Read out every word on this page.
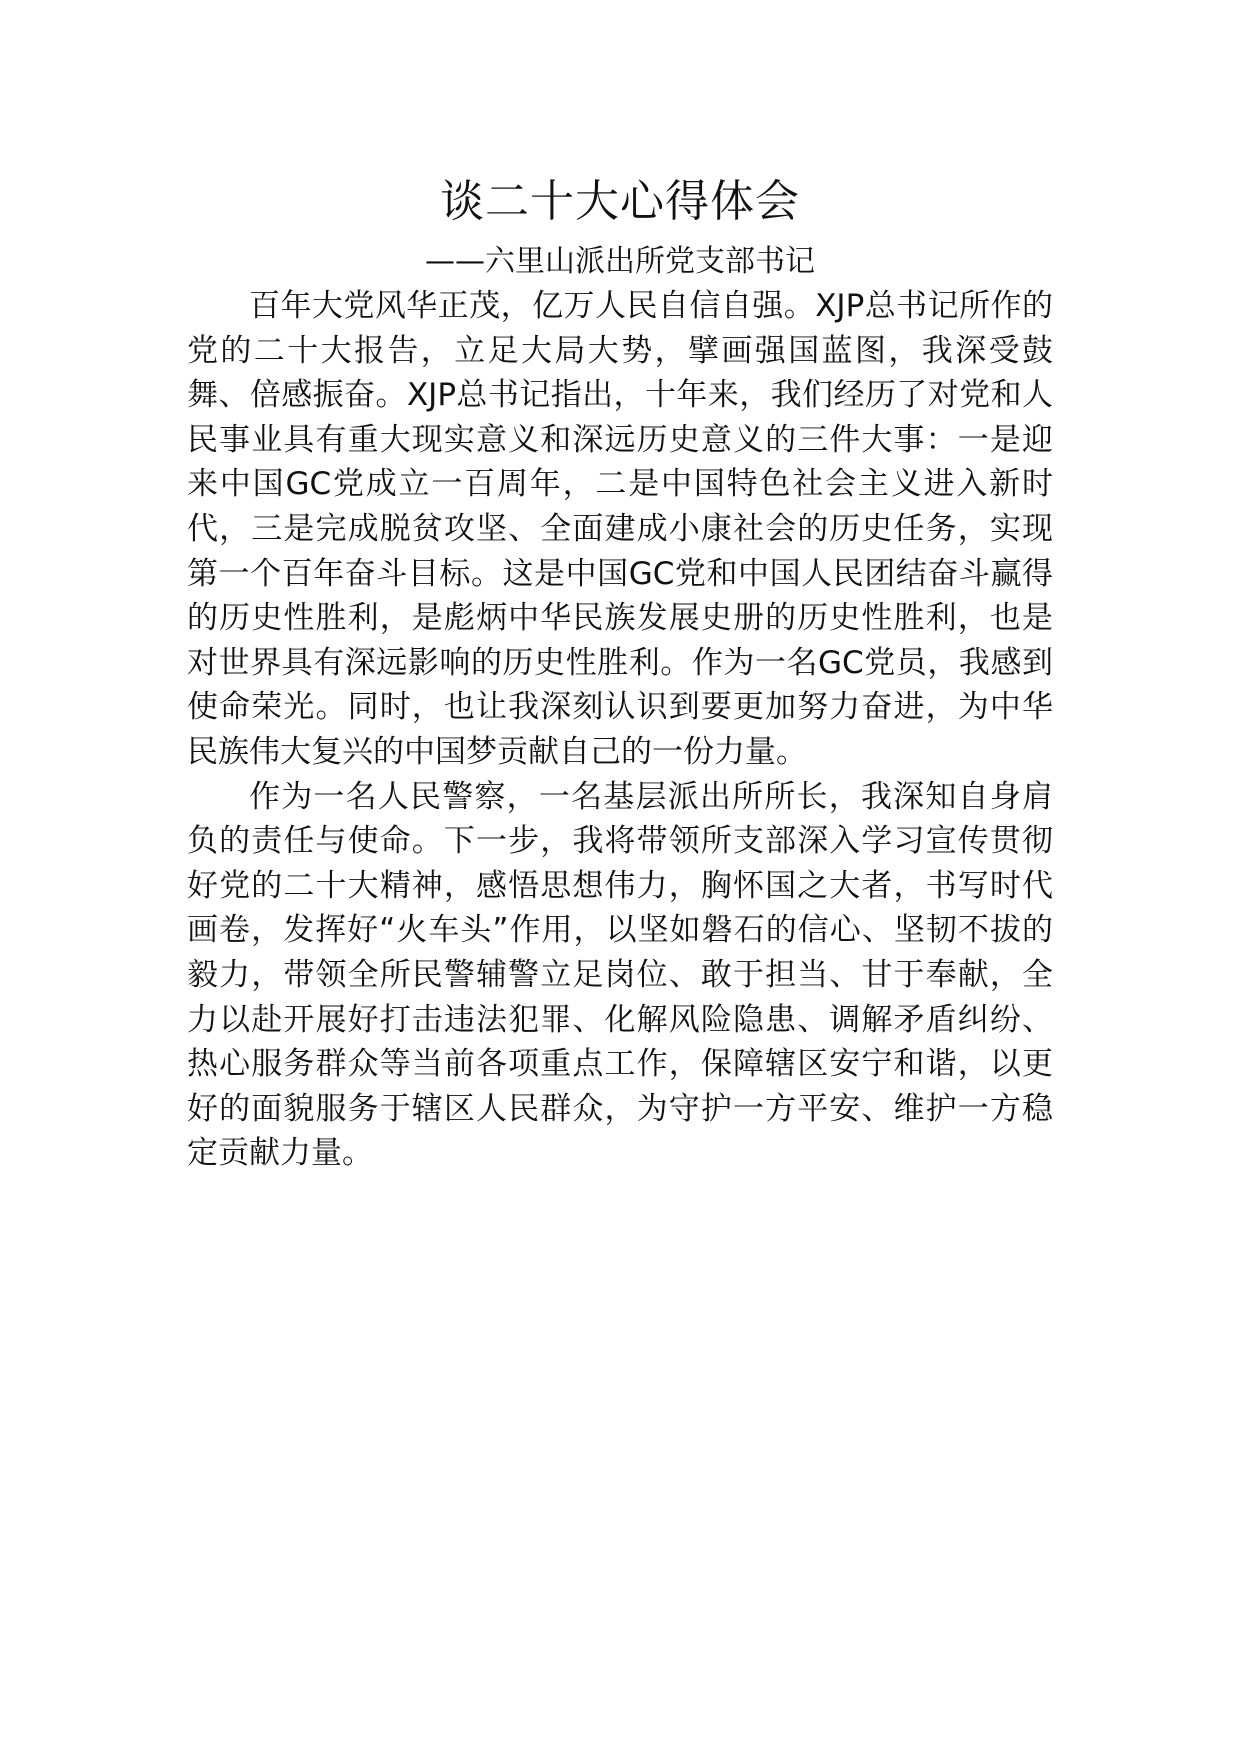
谈二十大心得体会
——六里山派出所党支部书记

百年大党风华正茂，亿万人民自信自强。XJP总书记所作的党的二十大报告，立足大局大势，擘画强国蓝图，我深受鼓舞、倍感振奋。XJP总书记指出，十年来，我们经历了对党和人民事业具有重大现实意义和深远历史意义的三件大事：一是迎来中国GC党成立一百周年，二是中国特色社会主义进入新时代，三是完成脱贫攻坚、全面建成小康社会的历史任务，实现第一个百年奋斗目标。这是中国GC党和中国人民团结奋斗赢得的历史性胜利，是彪炳中华民族发展史册的历史性胜利，也是对世界具有深远影响的历史性胜利。作为一名GC党员，我感到使命荣光。同时，也让我深刻认识到要更加努力奋进，为中华民族伟大复兴的中国梦贡献自己的一份力量。

作为一名人民警察，一名基层派出所所长，我深知自身肩负的责任与使命。下一步，我将带领所支部深入学习宣传贯彻好党的二十大精神，感悟思想伟力，胸怀国之大者，书写时代画卷，发挥好“火车头”作用，以坚如磐石的信心、坚韧不拔的毅力，带领全所民警辅警立足岗位、敢于担当、甘于奉献，全力以赴开展好打击违法犯罪、化解风险隐患、调解矛盾纠纷、热心服务群众等当前各项重点工作，保障辖区安宁和谐，以更好的面貌服务于辖区人民群众，为守护一方平安、维护一方稳定贡献力量。
